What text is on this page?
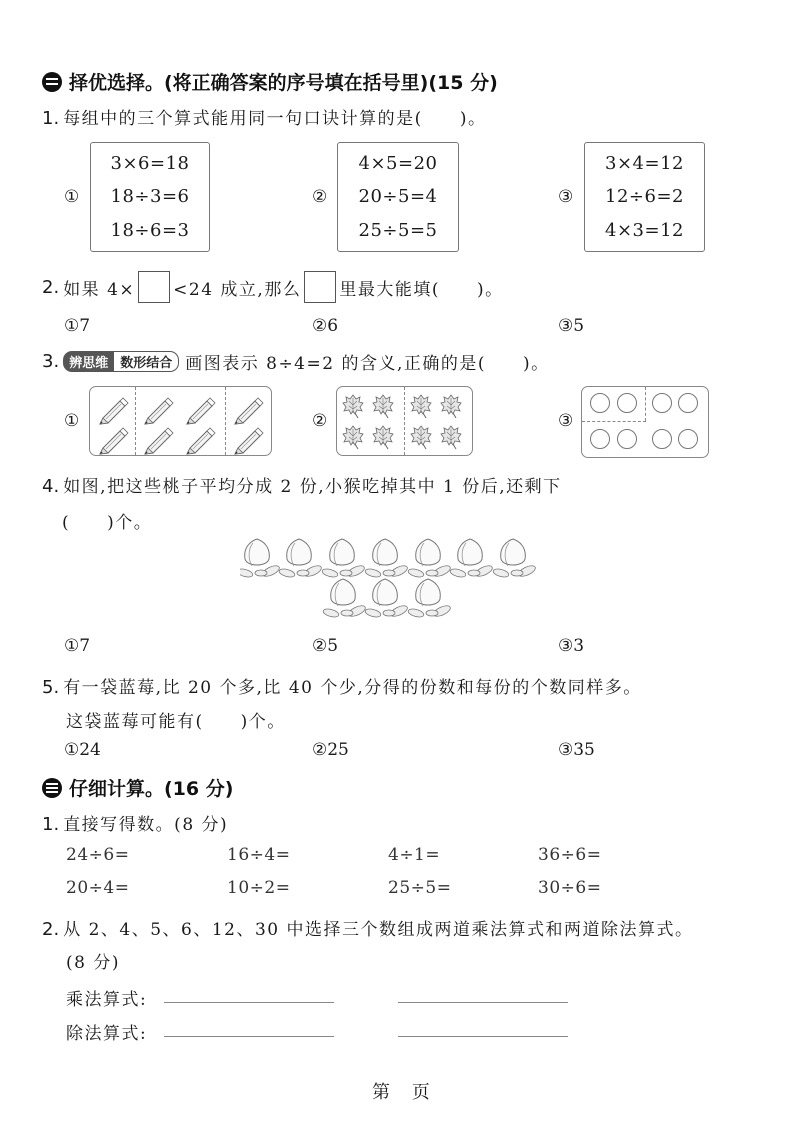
择优选择。(将正确答案的序号填在括号里)(15 分)
1. 每组中的三个算式能用同一句口诀计算的是(　　)。
①
3×6=18
18÷3=6
18÷6=3
②
4×5=20
20÷5=4
25÷5=5
③
3×4=12
12÷6=2
4×3=12
2. 如果 4× <24 成立,那么 里最大能填(　　)。
①7	②6	③5
3. 辨思维 数形结合 画图表示 8÷4=2 的含义,正确的是(　　)。
①	②	③
4. 如图,把这些桃子平均分成 2 份,小猴吃掉其中 1 份后,还剩下
(　　)个。
①7	②5	③3
5. 有一袋蓝莓,比 20 个多,比 40 个少,分得的份数和每份的个数同样多。
这袋蓝莓可能有(　　)个。
①24	②25	③35
仔细计算。(16 分)
1. 直接写得数。(8 分)
24÷6=	16÷4=	4÷1=	36÷6=
20÷4=	10÷2=	25÷5=	30÷6=
2. 从 2、4、5、6、12、30 中选择三个数组成两道乘法算式和两道除法算式。
(8 分)
乘法算式:
除法算式:
第 页
